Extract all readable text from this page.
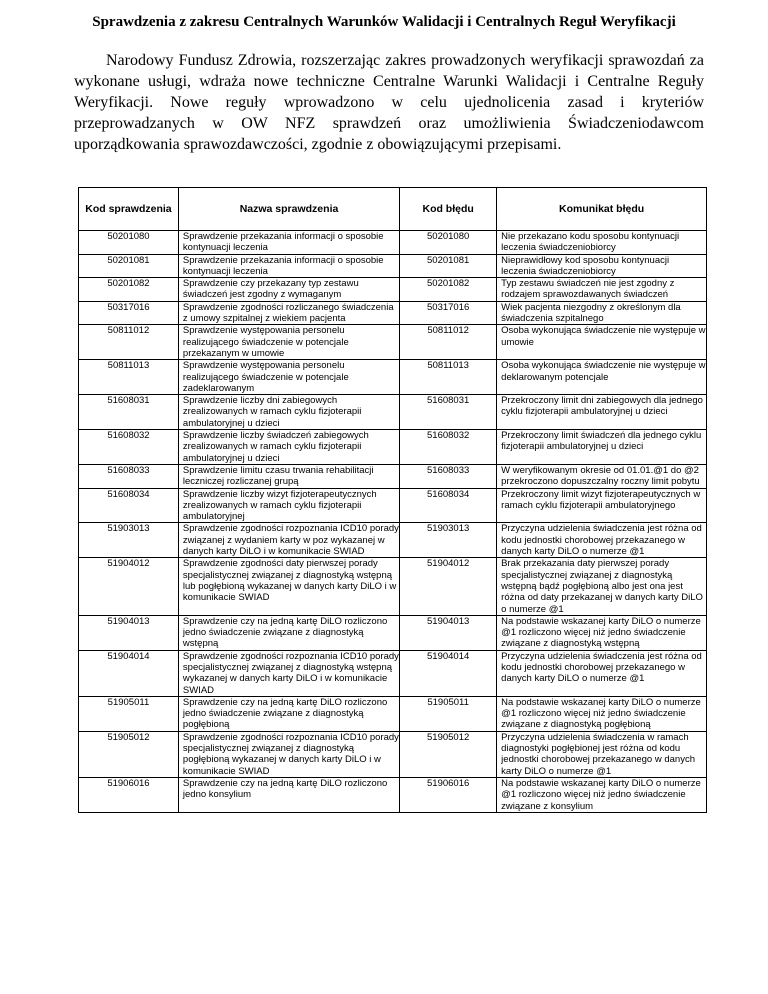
Sprawdzenia z zakresu Centralnych Warunków Walidacji i Centralnych Reguł Weryfikacji

Narodowy Fundusz Zdrowia, rozszerzając zakres prowadzonych weryfikacji sprawozdań za wykonane usługi, wdraża nowe techniczne Centralne Warunki Walidacji i Centralne Reguły Weryfikacji. Nowe reguły wprowadzono w celu ujednolicenia zasad i kryteriów przeprowadzanych w OW NFZ sprawdzeń oraz umożliwienia Świadczeniodawcom uporządkowania sprawozdawczości, zgodnie z obowiązującymi przepisami.

Kod sprawdzenia	Nazwa sprawdzenia	Kod błędu	Komunikat błędu
50201080	Sprawdzenie przekazania informacji o sposobie kontynuacji leczenia	50201080	Nie przekazano kodu sposobu kontynuacji leczenia świadczeniobiorcy
50201081	Sprawdzenie przekazania informacji o sposobie kontynuacji leczenia	50201081	Nieprawidłowy kod sposobu kontynuacji leczenia świadczeniobiorcy
50201082	Sprawdzenie czy przekazany typ zestawu świadczeń jest zgodny z wymaganym	50201082	Typ zestawu świadczeń nie jest zgodny z rodzajem sprawozdawanych świadczeń
50317016	Sprawdzenie zgodności rozliczanego świadczenia z umowy szpitalnej z wiekiem pacjenta	50317016	Wiek pacjenta niezgodny z określonym dla świadczenia szpitalnego
50811012	Sprawdzenie występowania personelu realizującego świadczenie w potencjale przekazanym w umowie	50811012	Osoba wykonująca świadczenie nie występuje w umowie
50811013	Sprawdzenie występowania personelu realizującego świadczenie w potencjale zadeklarowanym	50811013	Osoba wykonująca świadczenie nie występuje w deklarowanym potencjale
51608031	Sprawdzenie liczby dni zabiegowych zrealizowanych w ramach cyklu fizjoterapii ambulatoryjnej u dzieci	51608031	Przekroczony limit dni zabiegowych dla jednego cyklu fizjoterapii ambulatoryjnej u dzieci
51608032	Sprawdzenie liczby świadczeń zabiegowych zrealizowanych w ramach cyklu fizjoterapii ambulatoryjnej u dzieci	51608032	Przekroczony limit świadczeń dla jednego cyklu fizjoterapii ambulatoryjnej u dzieci
51608033	Sprawdzenie limitu czasu trwania rehabilitacji leczniczej rozliczanej grupą	51608033	W weryfikowanym okresie od 01.01.@1 do @2 przekroczono dopuszczalny roczny limit pobytu
51608034	Sprawdzenie liczby wizyt fizjoterapeutycznych zrealizowanych w ramach cyklu fizjoterapii ambulatoryjnej	51608034	Przekroczony limit wizyt fizjoterapeutycznych w ramach cyklu fizjoterapii ambulatoryjnego
51903013	Sprawdzenie zgodności rozpoznania ICD10 porady związanej z wydaniem karty w poz wykazanej w danych karty DiLO i w komunikacie SWIAD	51903013	Przyczyna udzielenia świadczenia jest różna od kodu jednostki chorobowej przekazanego w danych karty DiLO o numerze @1
51904012	Sprawdzenie zgodności daty pierwszej porady specjalistycznej związanej z diagnostyką wstępną lub pogłębioną wykazanej w danych karty DiLO i w komunikacie SWIAD	51904012	Brak przekazania daty pierwszej porady specjalistycznej związanej z diagnostyką wstępną bądź pogłębioną albo jest ona jest różna od daty przekazanej w danych karty DiLO o numerze @1
51904013	Sprawdzenie czy na jedną kartę DiLO rozliczono jedno świadczenie związane z diagnostyką wstępną	51904013	Na podstawie wskazanej karty DiLO o numerze @1 rozliczono więcej niż jedno świadczenie związane z diagnostyką wstępną
51904014	Sprawdzenie zgodności rozpoznania ICD10 porady specjalistycznej związanej z diagnostyką wstępną wykazanej w danych karty DiLO i w komunikacie SWIAD	51904014	Przyczyna udzielenia świadczenia jest różna od kodu jednostki chorobowej przekazanego w danych karty DiLO o numerze @1
51905011	Sprawdzenie czy na jedną kartę DiLO rozliczono jedno świadczenie związane z diagnostyką pogłębioną	51905011	Na podstawie wskazanej karty DiLO o numerze @1 rozliczono więcej niż jedno świadczenie związane z diagnostyką pogłębioną
51905012	Sprawdzenie zgodności rozpoznania ICD10 porady specjalistycznej związanej z diagnostyką pogłębioną wykazanej w danych karty DiLO i w komunikacie SWIAD	51905012	Przyczyna udzielenia świadczenia w ramach diagnostyki pogłębionej jest różna od kodu jednostki chorobowej przekazanego w danych karty DiLO o numerze @1
51906016	Sprawdzenie czy na jedną kartę DiLO rozliczono jedno konsylium	51906016	Na podstawie wskazanej karty DiLO o numerze @1 rozliczono więcej niż jedno świadczenie związane z konsylium
